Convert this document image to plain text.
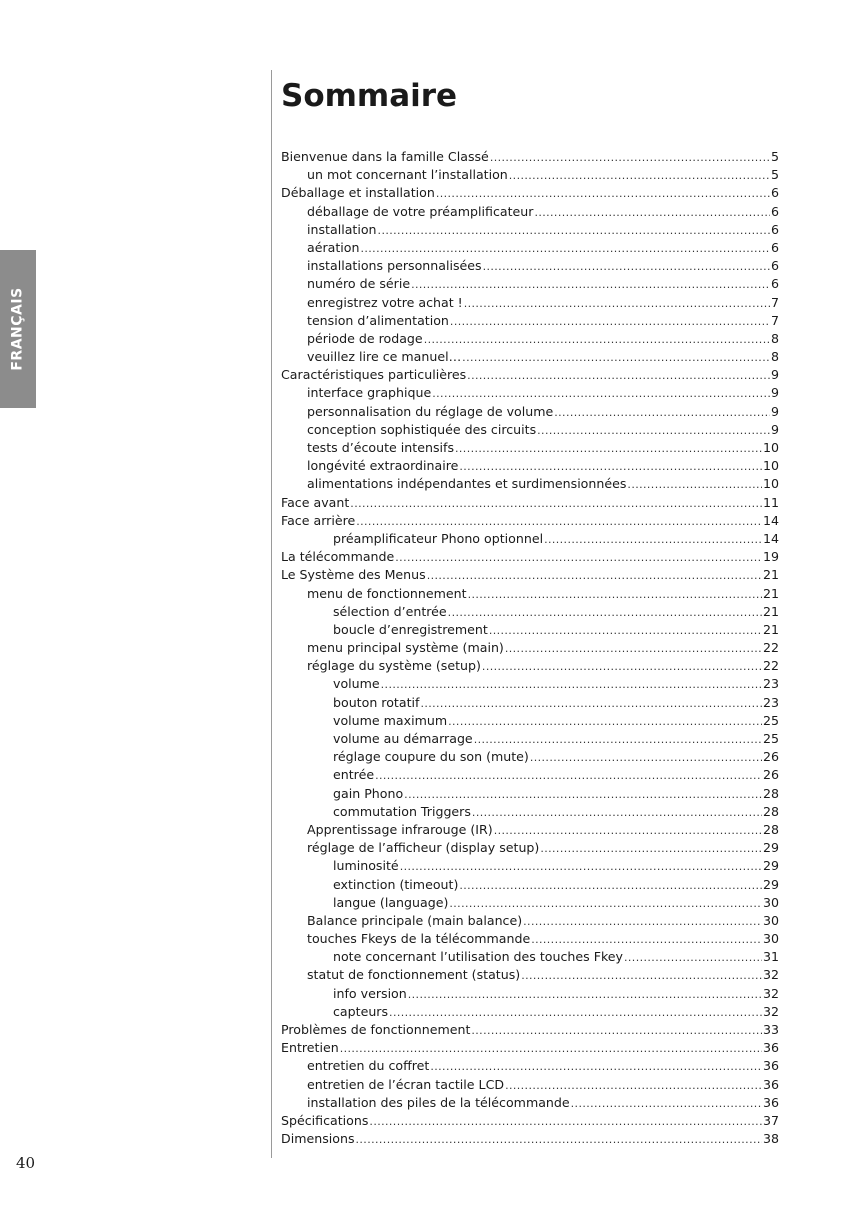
FRANÇAIS
Sommaire
Bienvenue dans la famille Classé .....	5
un mot concernant l’installation .....	5
Déballage et installation .....	6
déballage de votre préamplificateur .....	6
installation .....	6
aération .....	6
installations personnalisées .....	6
numéro de série .....	6
enregistrez votre achat ! .....	7
tension d’alimentation .....	7
période de rodage .....	8
veuillez lire ce manuel… .....	8
Caractéristiques particulières .....	9
interface graphique .....	9
personnalisation du réglage de volume .....	9
conception sophistiquée des circuits .....	9
tests d’écoute intensifs .....	10
longévité extraordinaire .....	10
alimentations indépendantes et surdimensionnées .....	10
Face avant .....	11
Face arrière .....	14
préamplificateur Phono optionnel .....	14
La télécommande .....	19
Le Système des Menus .....	21
menu de fonctionnement .....	21
sélection d’entrée .....	21
boucle d’enregistrement .....	21
menu principal système (main) .....	22
réglage du système (setup) .....	22
volume .....	23
bouton rotatif .....	23
volume maximum .....	25
volume au démarrage .....	25
réglage coupure du son (mute) .....	26
entrée .....	26
gain Phono .....	28
commutation Triggers .....	28
Apprentissage infrarouge (IR) .....	28
réglage de l’afficheur (display setup) .....	29
luminosité .....	29
extinction (timeout) .....	29
langue (language) .....	30
Balance principale (main balance) .....	30
touches Fkeys de la télécommande .....	30
note concernant l’utilisation des touches Fkey .....	31
statut de fonctionnement (status) .....	32
info version .....	32
capteurs .....	32
Problèmes de fonctionnement .....	33
Entretien .....	36
entretien du coffret .....	36
entretien de l’écran tactile LCD .....	36
installation des piles de la télécommande .....	36
Spécifications .....	37
Dimensions .....	38
40
